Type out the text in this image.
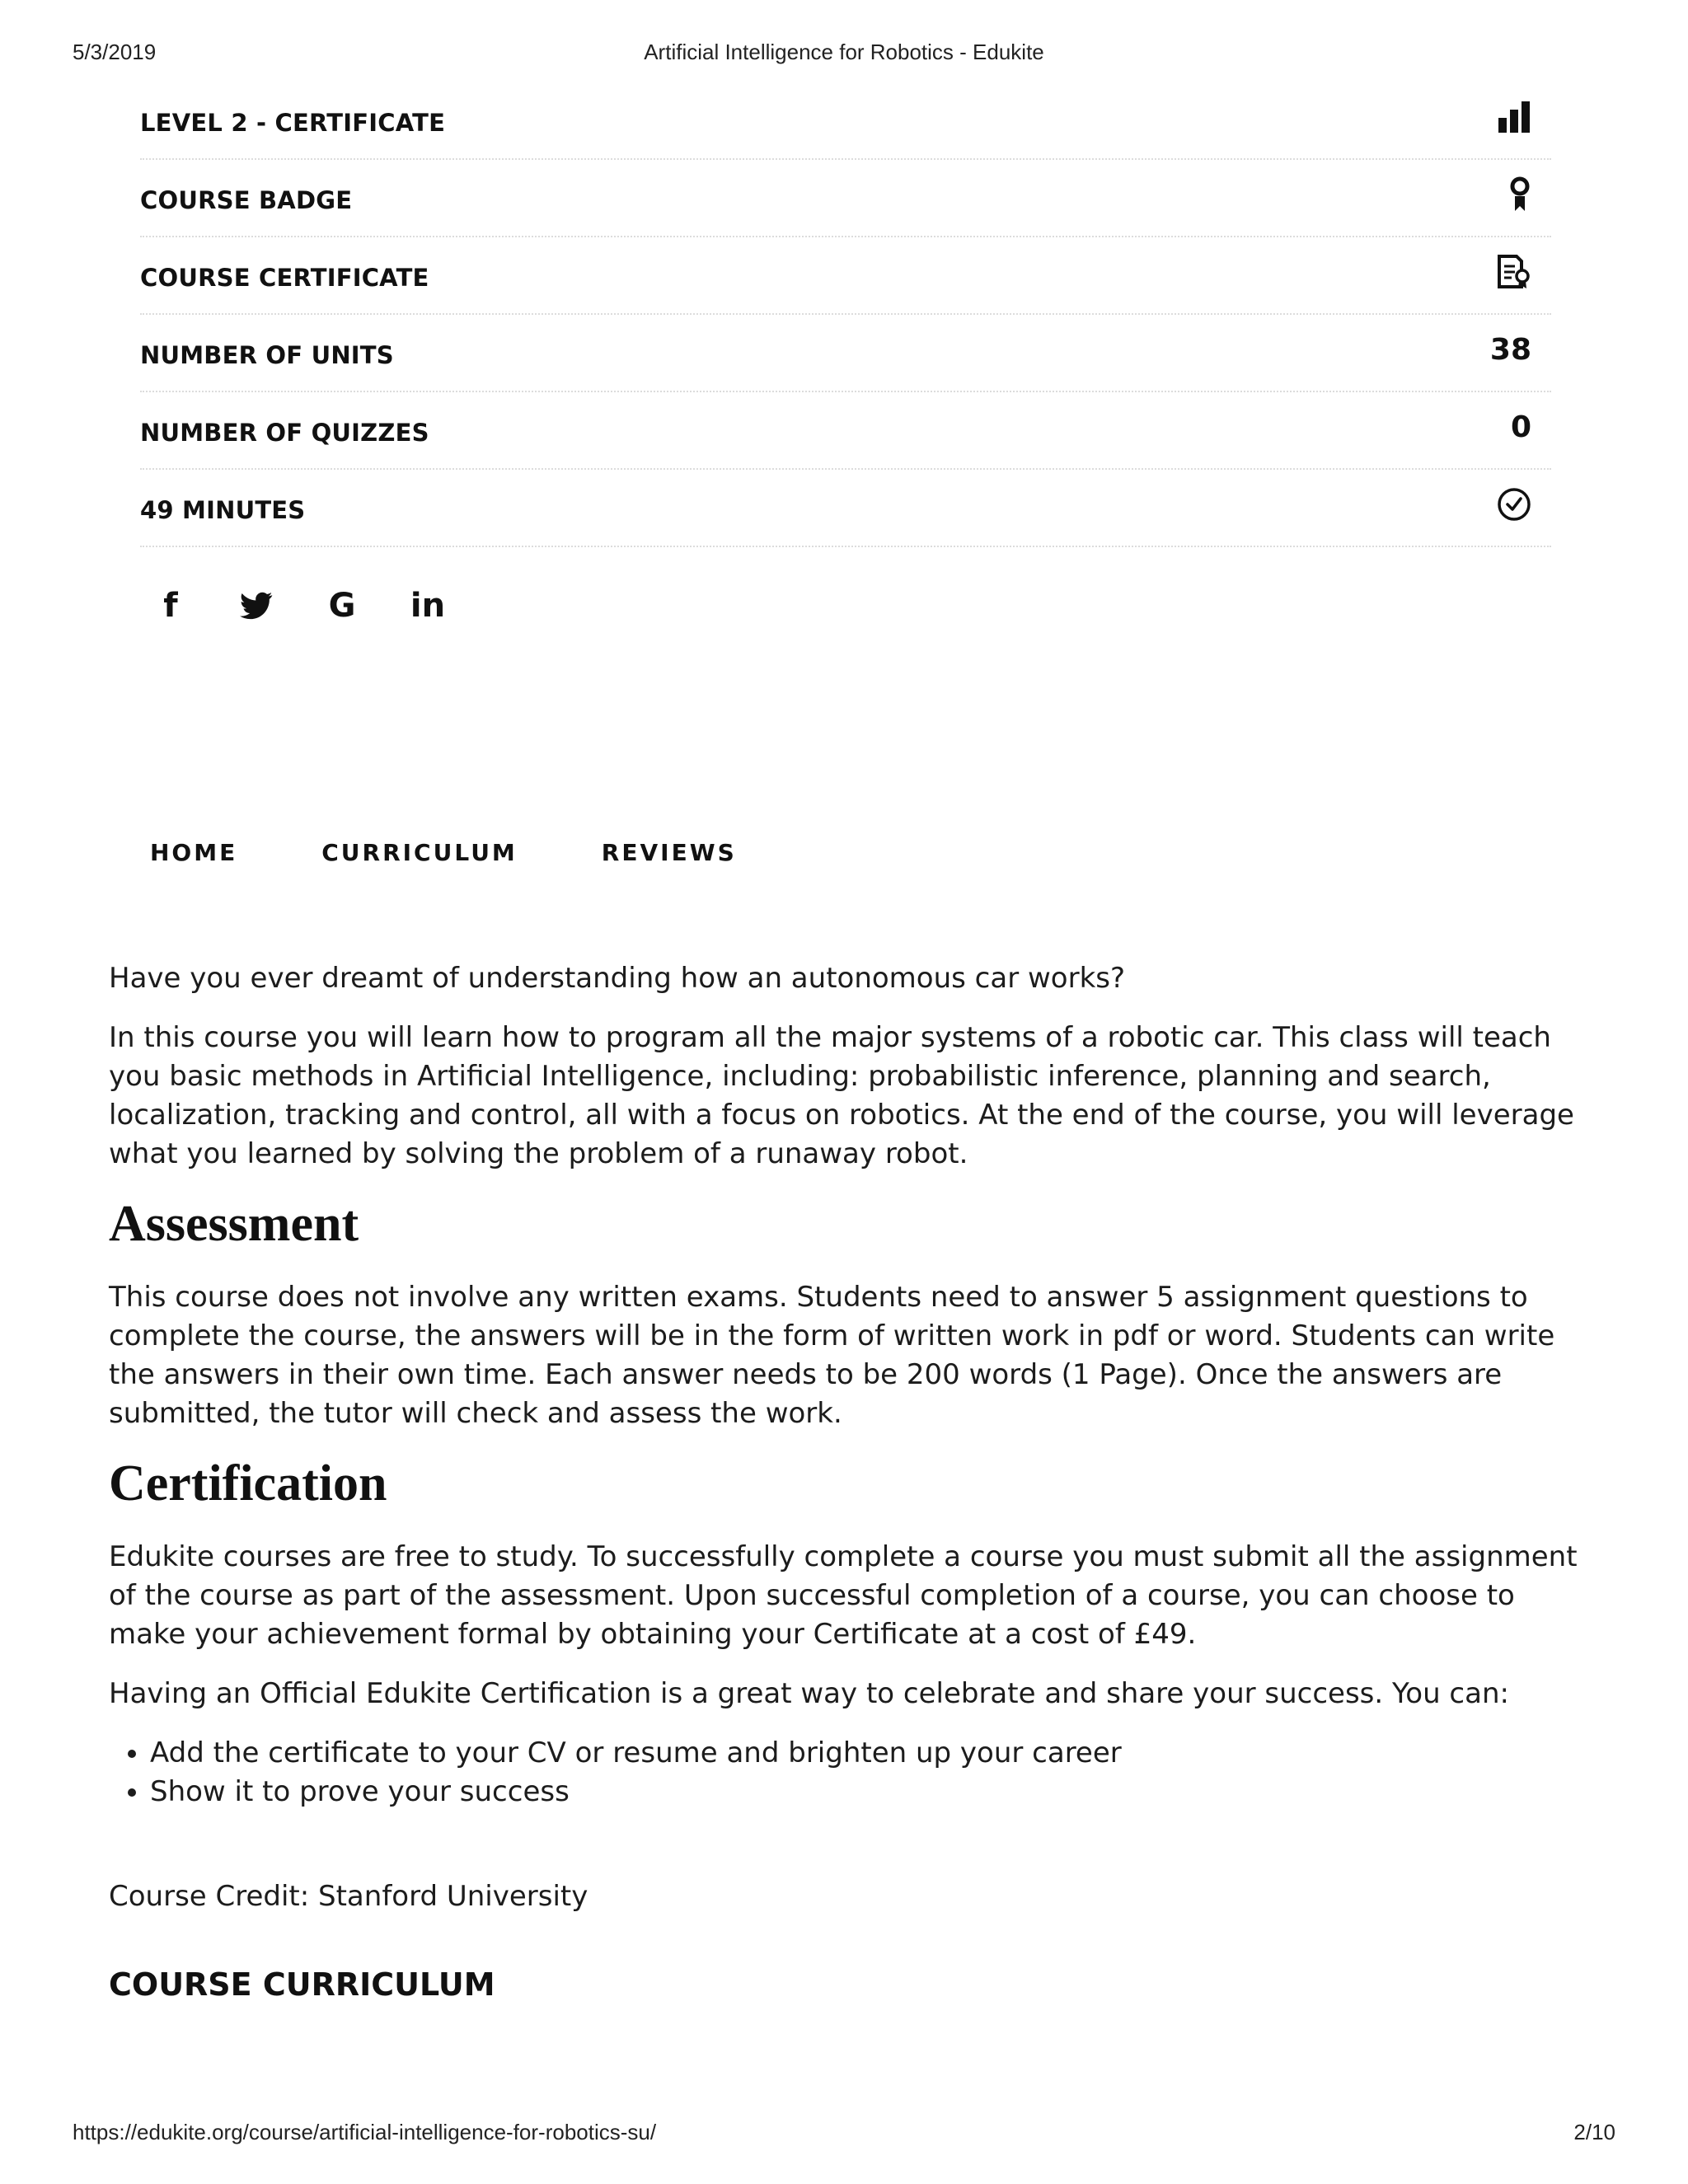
5/3/2019	Artificial Intelligence for Robotics - Edukite
LEVEL 2 - CERTIFICATE
COURSE BADGE
COURSE CERTIFICATE
NUMBER OF UNITS	38
NUMBER OF QUIZZES	0
49 MINUTES
f	G in
HOME	CURRICULUM	REVIEWS

Have you ever dreamt of understanding how an autonomous car works?

In this course you will learn how to program all the major systems of a robotic car. This class will teach you basic methods in Artificial Intelligence, including: probabilistic inference, planning and search, localization, tracking and control, all with a focus on robotics. At the end of the course, you will leverage what you learned by solving the problem of a runaway robot.

Assessment

This course does not involve any written exams. Students need to answer 5 assignment questions to complete the course, the answers will be in the form of written work in pdf or word. Students can write the answers in their own time. Each answer needs to be 200 words (1 Page). Once the answers are submitted, the tutor will check and assess the work.

Certification

Edukite courses are free to study. To successfully complete a course you must submit all the assignment of the course as part of the assessment. Upon successful completion of a course, you can choose to make your achievement formal by obtaining your Certificate at a cost of £49.

Having an Official Edukite Certification is a great way to celebrate and share your success. You can:

• Add the certificate to your CV or resume and brighten up your career
• Show it to prove your success

Course Credit: Stanford University

COURSE CURRICULUM
https://edukite.org/course/artificial-intelligence-for-robotics-su/	2/10
